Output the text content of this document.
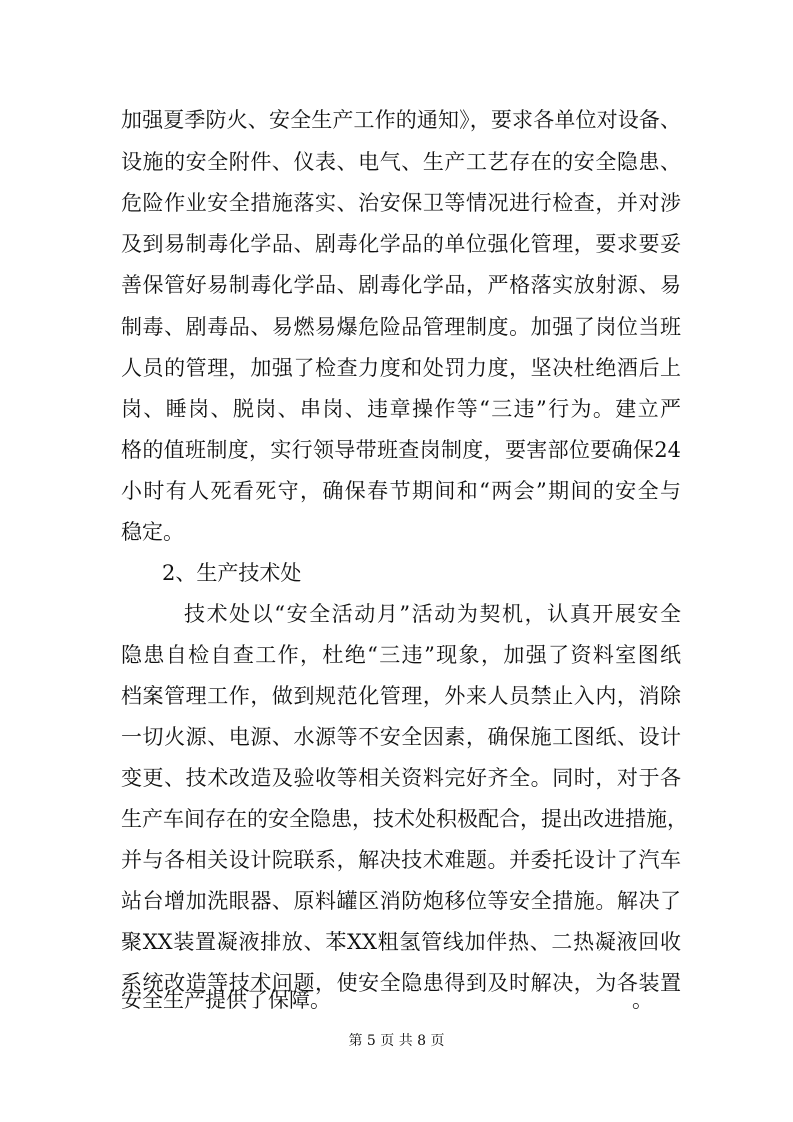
加强夏季防火、安全生产工作的通知》，要求各单位对设备、
设施的安全附件、仪表、电气、生产工艺存在的安全隐患、
危险作业安全措施落实、治安保卫等情况进行检查，并对涉
及到易制毒化学品、剧毒化学品的单位强化管理，要求要妥
善保管好易制毒化学品、剧毒化学品，严格落实放射源、易
制毒、剧毒品、易燃易爆危险品管理制度。加强了岗位当班
人员的管理，加强了检查力度和处罚力度，坚决杜绝酒后上
岗、睡岗、脱岗、串岗、违章操作等“三违”行为。建立严
格的值班制度，实行领导带班查岗制度，要害部位要确保24
小时有人死看死守，确保春节期间和“两会”期间的安全与
稳定。
2、生产技术处
技术处以“安全活动月”活动为契机，认真开展安全
隐患自检自查工作，杜绝“三违”现象，加强了资料室图纸
档案管理工作，做到规范化管理，外来人员禁止入内，消除
一切火源、电源、水源等不安全因素，确保施工图纸、设计
变更、技术改造及验收等相关资料完好齐全。同时，对于各
生产车间存在的安全隐患，技术处积极配合，提出改进措施，
并与各相关设计院联系，解决技术难题。并委托设计了汽车
站台增加洗眼器、原料罐区消防炮移位等安全措施。解决了
聚XX装置凝液排放、苯XX粗氢管线加伴热、二热凝液回收
系统改造等技术问题，使安全隐患得到及时解决，为各装置
安全生产提供了保障。	。
第 5 页 共 8 页
